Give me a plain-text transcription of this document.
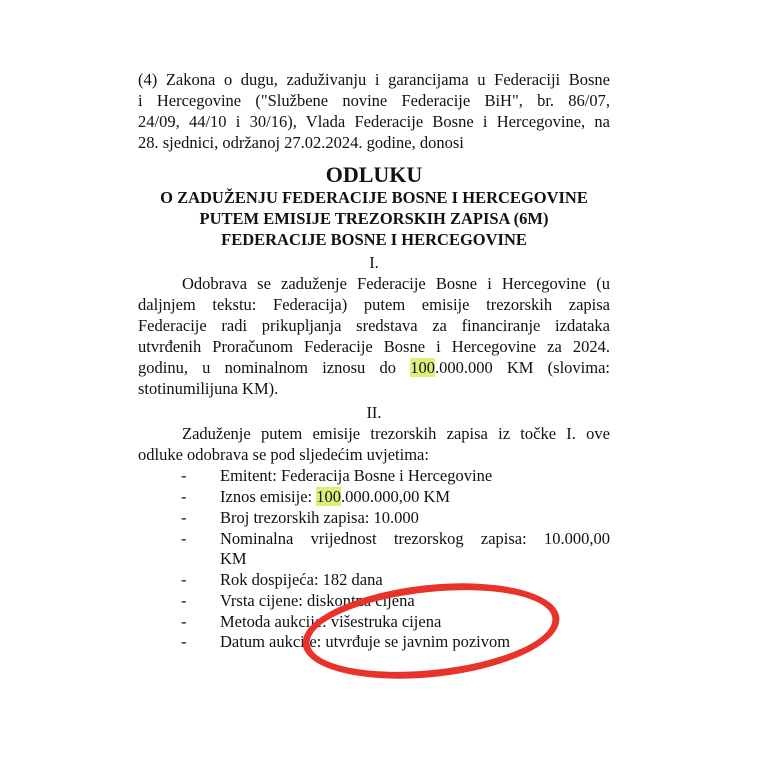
(4) Zakona o dugu, zaduživanju i garancijama u Federaciji Bosne
i Hercegovine ("Službene novine Federacije BiH", br. 86/07,
24/09, 44/10 i 30/16), Vlada Federacije Bosne i Hercegovine, na
28. sjednici, održanoj 27.02.2024. godine, donosi
ODLUKU
O ZADUŽENJU FEDERACIJE BOSNE I HERCEGOVINE
PUTEM EMISIJE TREZORSKIH ZAPISA (6M)
FEDERACIJE BOSNE I HERCEGOVINE
I.
Odobrava se zaduženje Federacije Bosne i Hercegovine (u
daljnjem tekstu: Federacija) putem emisije trezorskih zapisa
Federacije radi prikupljanja sredstava za financiranje izdataka
utvrđenih Proračunom Federacije Bosne i Hercegovine za 2024.
godinu, u nominalnom iznosu do 100.000.000 KM (slovima:
stotinumilijuna KM).
II.
Zaduženje putem emisije trezorskih zapisa iz točke I. ove
odluke odobrava se pod sljedećim uvjetima:
- Emitent: Federacija Bosne i Hercegovine
- Iznos emisije: 100.000.000,00 KM
- Broj trezorskih zapisa: 10.000
- Nominalna vrijednost trezorskog zapisa: 10.000,00
KM
- Rok dospijeća: 182 dana
- Vrsta cijene: diskontna cijena
- Metoda aukcije: višestruka cijena
- Datum aukcije: utvrđuje se javnim pozivom
